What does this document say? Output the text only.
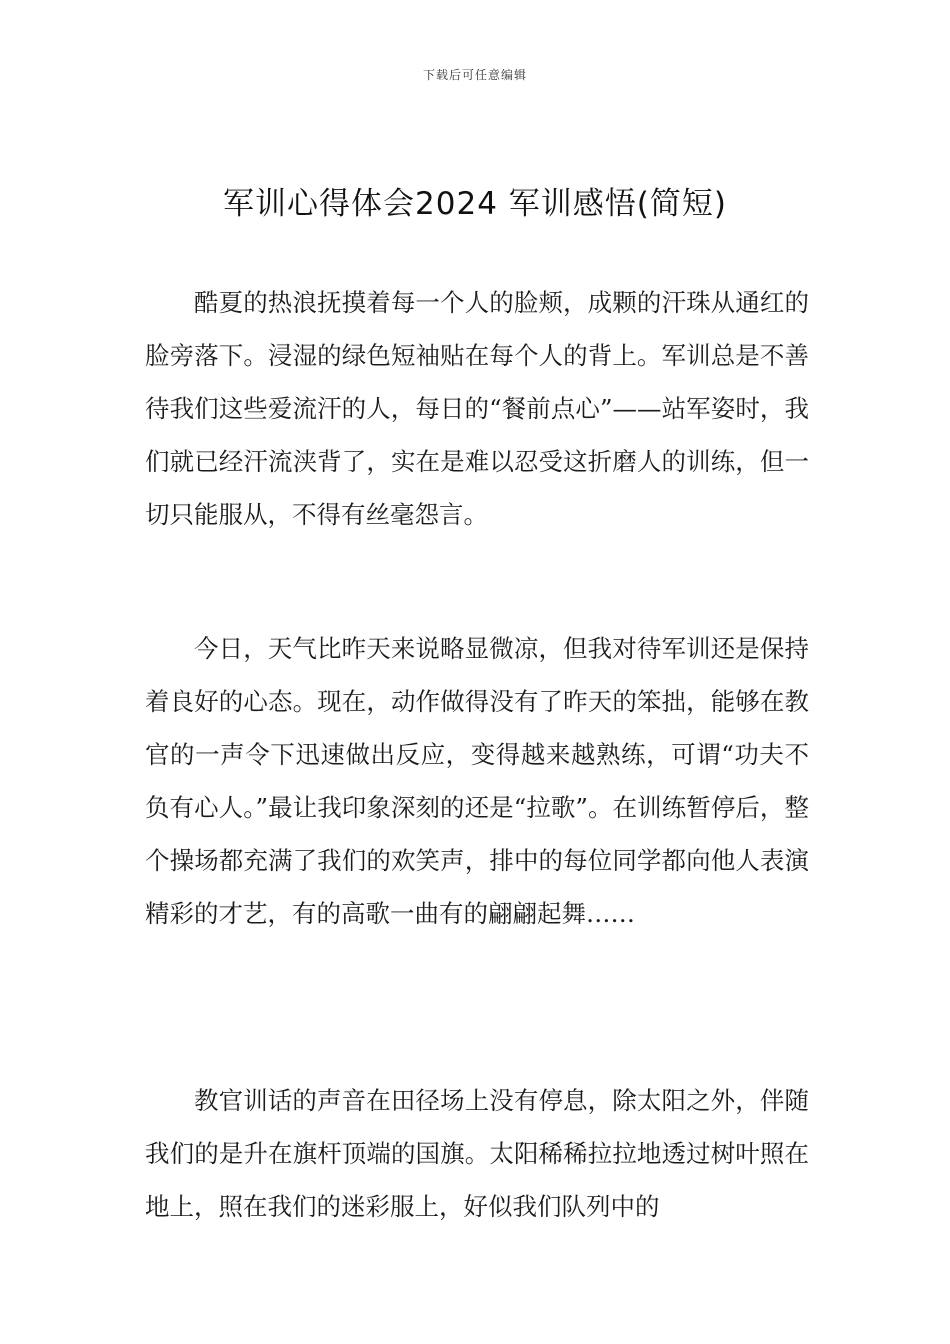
下载后可任意编辑
军训心得体会2024 军训感悟(简短)

酷夏的热浪抚摸着每一个人的脸颊，成颗的汗珠从通红的脸旁落下。浸湿的绿色短袖贴在每个人的背上。军训总是不善待我们这些爱流汗的人，每日的“餐前点心”——站军姿时，我们就已经汗流浃背了，实在是难以忍受这折磨人的训练，但一切只能服从，不得有丝毫怨言。

今日，天气比昨天来说略显微凉，但我对待军训还是保持着良好的心态。现在，动作做得没有了昨天的笨拙，能够在教官的一声令下迅速做出反应，变得越来越熟练，可谓“功夫不负有心人。”最让我印象深刻的还是“拉歌”。在训练暂停后，整个操场都充满了我们的欢笑声，排中的每位同学都向他人表演精彩的才艺，有的高歌一曲有的翩翩起舞……

教官训话的声音在田径场上没有停息，除太阳之外，伴随我们的是升在旗杆顶端的国旗。太阳稀稀拉拉地透过树叶照在地上，照在我们的迷彩服上，好似我们队列中的
